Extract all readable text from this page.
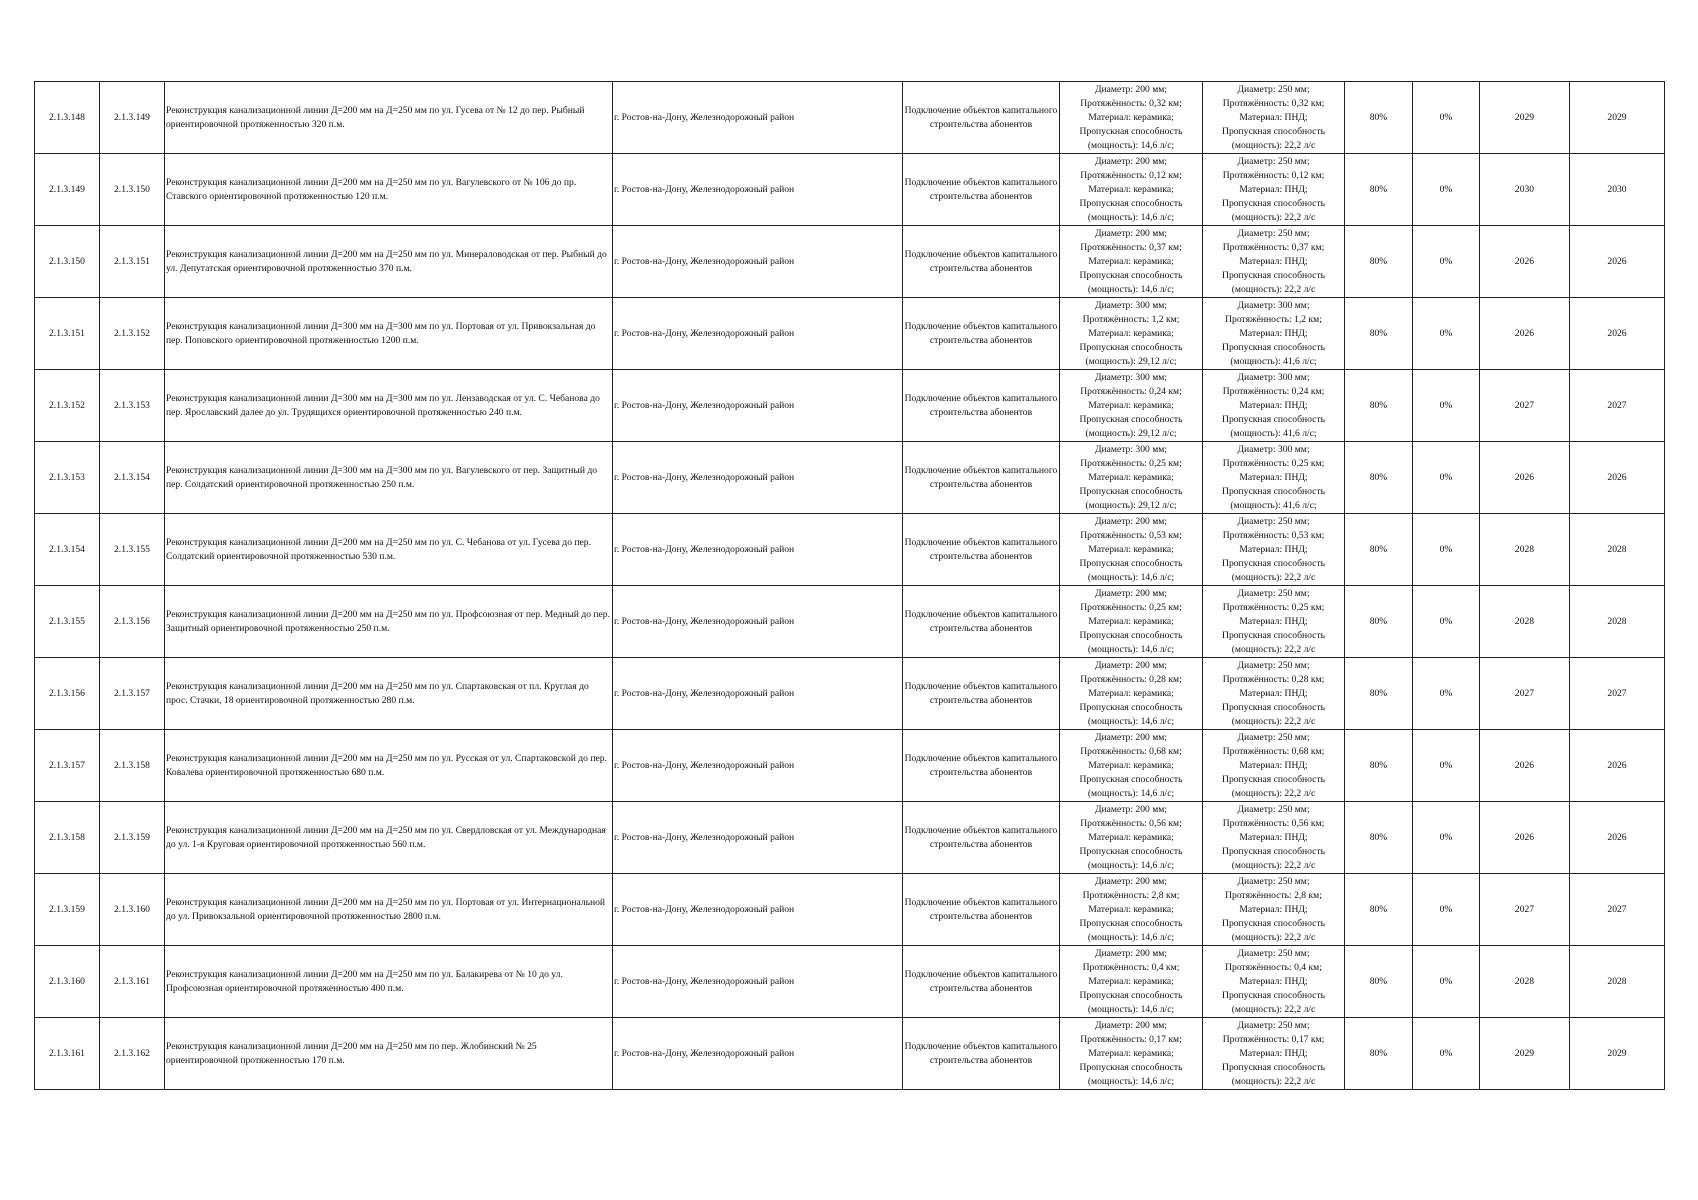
2.1.3.148	2.1.3.149	Реконструкция канализационной линии Д=200 мм на Д=250 мм по ул. Гусева от № 12 до пер. Рыбный ориентировочной протяженностью 320 п.м.	г. Ростов-на-Дону, Железнодорожный район	Подключение объектов капитального строительства абонентов	Диаметр: 200 мм;
Протяжённость: 0,32 км;
Материал: керамика;
Пропускная способность (мощность): 14,6 л/с;	Диаметр: 250 мм;
Протяжённость: 0,32 км;
Материал: ПНД;
Пропускная способность (мощность): 22,2 л/с	80%	0%	2029	2029

2.1.3.149	2.1.3.150	Реконструкция канализационной линии Д=200 мм на Д=250 мм по ул. Вагулевского от № 106 до пр. Ставского ориентировочной протяженностью 120 п.м.	г. Ростов-на-Дону, Железнодорожный район	Подключение объектов капитального строительства абонентов	Диаметр: 200 мм;
Протяжённость: 0,12 км;
Материал: керамика;
Пропускная способность (мощность): 14,6 л/с;	Диаметр: 250 мм;
Протяжённость: 0,12 км;
Материал: ПНД;
Пропускная способность (мощность): 22,2 л/с	80%	0%	2030	2030

2.1.3.150	2.1.3.151	Реконструкция канализационной линии Д=200 мм на Д=250 мм по ул. Минераловодская от пер. Рыбный до ул. Депутатская ориентировочной протяженностью 370 п.м.	г. Ростов-на-Дону, Железнодорожный район	Подключение объектов капитального строительства абонентов	Диаметр: 200 мм;
Протяжённость: 0,37 км;
Материал: керамика;
Пропускная способность (мощность): 14,6 л/с;	Диаметр: 250 мм;
Протяжённость: 0,37 км;
Материал: ПНД;
Пропускная способность (мощность): 22,2 л/с	80%	0%	2026	2026

2.1.3.151	2.1.3.152	Реконструкция канализационной линии Д=300 мм на Д=300 мм по ул. Портовая от ул. Привокзальная до пер. Поповского ориентировочной протяженностью 1200 п.м.	г. Ростов-на-Дону, Железнодорожный район	Подключение объектов капитального строительства абонентов	Диаметр: 300 мм;
Протяжённость: 1,2 км;
Материал: керамика;
Пропускная способность (мощность): 29,12 л/с;	Диаметр: 300 мм;
Протяжённость: 1,2 км;
Материал: ПНД;
Пропускная способность (мощность): 41,6 л/с;	80%	0%	2026	2026

2.1.3.152	2.1.3.153	Реконструкция канализационной линии Д=300 мм на Д=300 мм по ул. Лензаводская от ул. С. Чебанова до пер. Ярославский далее до ул. Трудящихся ориентировочной протяженностью 240 п.м.	г. Ростов-на-Дону, Железнодорожный район	Подключение объектов капитального строительства абонентов	Диаметр: 300 мм;
Протяжённость: 0,24 км;
Материал: керамика;
Пропускная способность (мощность): 29,12 л/с;	Диаметр: 300 мм;
Протяжённость: 0,24 км;
Материал: ПНД;
Пропускная способность (мощность): 41,6 л/с;	80%	0%	2027	2027

2.1.3.153	2.1.3.154	Реконструкция канализационной линии Д=300 мм на Д=300 мм по ул. Вагулевского от пер. Защитный до пер. Солдатский ориентировочной протяженностью 250 п.м.	г. Ростов-на-Дону, Железнодорожный район	Подключение объектов капитального строительства абонентов	Диаметр: 300 мм;
Протяжённость: 0,25 км;
Материал: керамика;
Пропускная способность (мощность): 29,12 л/с;	Диаметр: 300 мм;
Протяжённость: 0,25 км;
Материал: ПНД;
Пропускная способность (мощность): 41,6 л/с;	80%	0%	2026	2026

2.1.3.154	2.1.3.155	Реконструкция канализационной линии Д=200 мм на Д=250 мм по ул. С. Чебанова от ул. Гусева до пер. Солдатский ориентировочной протяженностью 530 п.м.	г. Ростов-на-Дону, Железнодорожный район	Подключение объектов капитального строительства абонентов	Диаметр: 200 мм;
Протяжённость: 0,53 км;
Материал: керамика;
Пропускная способность (мощность): 14,6 л/с;	Диаметр: 250 мм;
Протяжённость: 0,53 км;
Материал: ПНД;
Пропускная способность (мощность): 22,2 л/с	80%	0%	2028	2028

2.1.3.155	2.1.3.156	Реконструкция канализационной линии Д=200 мм на Д=250 мм по ул. Профсоюзная от пер. Медный до пер. Защитный ориентировочной протяженностью 250 п.м.	г. Ростов-на-Дону, Железнодорожный район	Подключение объектов капитального строительства абонентов	Диаметр: 200 мм;
Протяжённость: 0,25 км;
Материал: керамика;
Пропускная способность (мощность): 14,6 л/с;	Диаметр: 250 мм;
Протяжённость: 0,25 км;
Материал: ПНД;
Пропускная способность (мощность): 22,2 л/с	80%	0%	2028	2028

2.1.3.156	2.1.3.157	Реконструкция канализационной линии Д=200 мм на Д=250 мм по ул. Спартаковская от пл. Круглая до прос. Стачки, 18 ориентировочной протяженностью 280 п.м.	г. Ростов-на-Дону, Железнодорожный район	Подключение объектов капитального строительства абонентов	Диаметр: 200 мм;
Протяжённость: 0,28 км;
Материал: керамика;
Пропускная способность (мощность): 14,6 л/с;	Диаметр: 250 мм;
Протяжённость: 0,28 км;
Материал: ПНД;
Пропускная способность (мощность): 22,2 л/с	80%	0%	2027	2027

2.1.3.157	2.1.3.158	Реконструкция канализационной линии Д=200 мм на Д=250 мм по ул. Русская от ул. Спартаковской до пер. Ковалева ориентировочной протяженностью 680 п.м.	г. Ростов-на-Дону, Железнодорожный район	Подключение объектов капитального строительства абонентов	Диаметр: 200 мм;
Протяжённость: 0,68 км;
Материал: керамика;
Пропускная способность (мощность): 14,6 л/с;	Диаметр: 250 мм;
Протяжённость: 0,68 км;
Материал: ПНД;
Пропускная способность (мощность): 22,2 л/с	80%	0%	2026	2026

2.1.3.158	2.1.3.159	Реконструкция канализационной линии Д=200 мм на Д=250 мм по ул. Свердловская от ул. Международная до ул. 1-я Круговая ориентировочной протяженностью 560 п.м.	г. Ростов-на-Дону, Железнодорожный район	Подключение объектов капитального строительства абонентов	Диаметр: 200 мм;
Протяжённость: 0,56 км;
Материал: керамика;
Пропускная способность (мощность): 14,6 л/с;	Диаметр: 250 мм;
Протяжённость: 0,56 км;
Материал: ПНД;
Пропускная способность (мощность): 22,2 л/с	80%	0%	2026	2026

2.1.3.159	2.1.3.160	Реконструкция канализационной линии Д=200 мм на Д=250 мм по ул. Портовая от ул. Интернациональной до ул. Привокзальной ориентировочной протяженностью 2800 п.м.	г. Ростов-на-Дону, Железнодорожный район	Подключение объектов капитального строительства абонентов	Диаметр: 200 мм;
Протяжённость: 2,8 км;
Материал: керамика;
Пропускная способность (мощность): 14,6 л/с;	Диаметр: 250 мм;
Протяжённость: 2,8 км;
Материал: ПНД;
Пропускная способность (мощность): 22,2 л/с	80%	0%	2027	2027

2.1.3.160	2.1.3.161	Реконструкция канализационной линии Д=200 мм на Д=250 мм по ул. Балакирева от № 10 до ул. Профсоюзная ориентировочной протяженностью 400 п.м.	г. Ростов-на-Дону, Железнодорожный район	Подключение объектов капитального строительства абонентов	Диаметр: 200 мм;
Протяжённость: 0,4 км;
Материал: керамика;
Пропускная способность (мощность): 14,6 л/с;	Диаметр: 250 мм;
Протяжённость: 0,4 км;
Материал: ПНД;
Пропускная способность (мощность): 22,2 л/с	80%	0%	2028	2028

2.1.3.161	2.1.3.162	Реконструкция канализационной линии Д=200 мм на Д=250 мм по пер. Жлобинский № 25 ориентировочной протяженностью 170 п.м.	г. Ростов-на-Дону, Железнодорожный район	Подключение объектов капитального строительства абонентов	Диаметр: 200 мм;
Протяжённость: 0,17 км;
Материал: керамика;
Пропускная способность (мощность): 14,6 л/с;	Диаметр: 250 мм;
Протяжённость: 0,17 км;
Материал: ПНД;
Пропускная способность (мощность): 22,2 л/с	80%	0%	2029	2029
